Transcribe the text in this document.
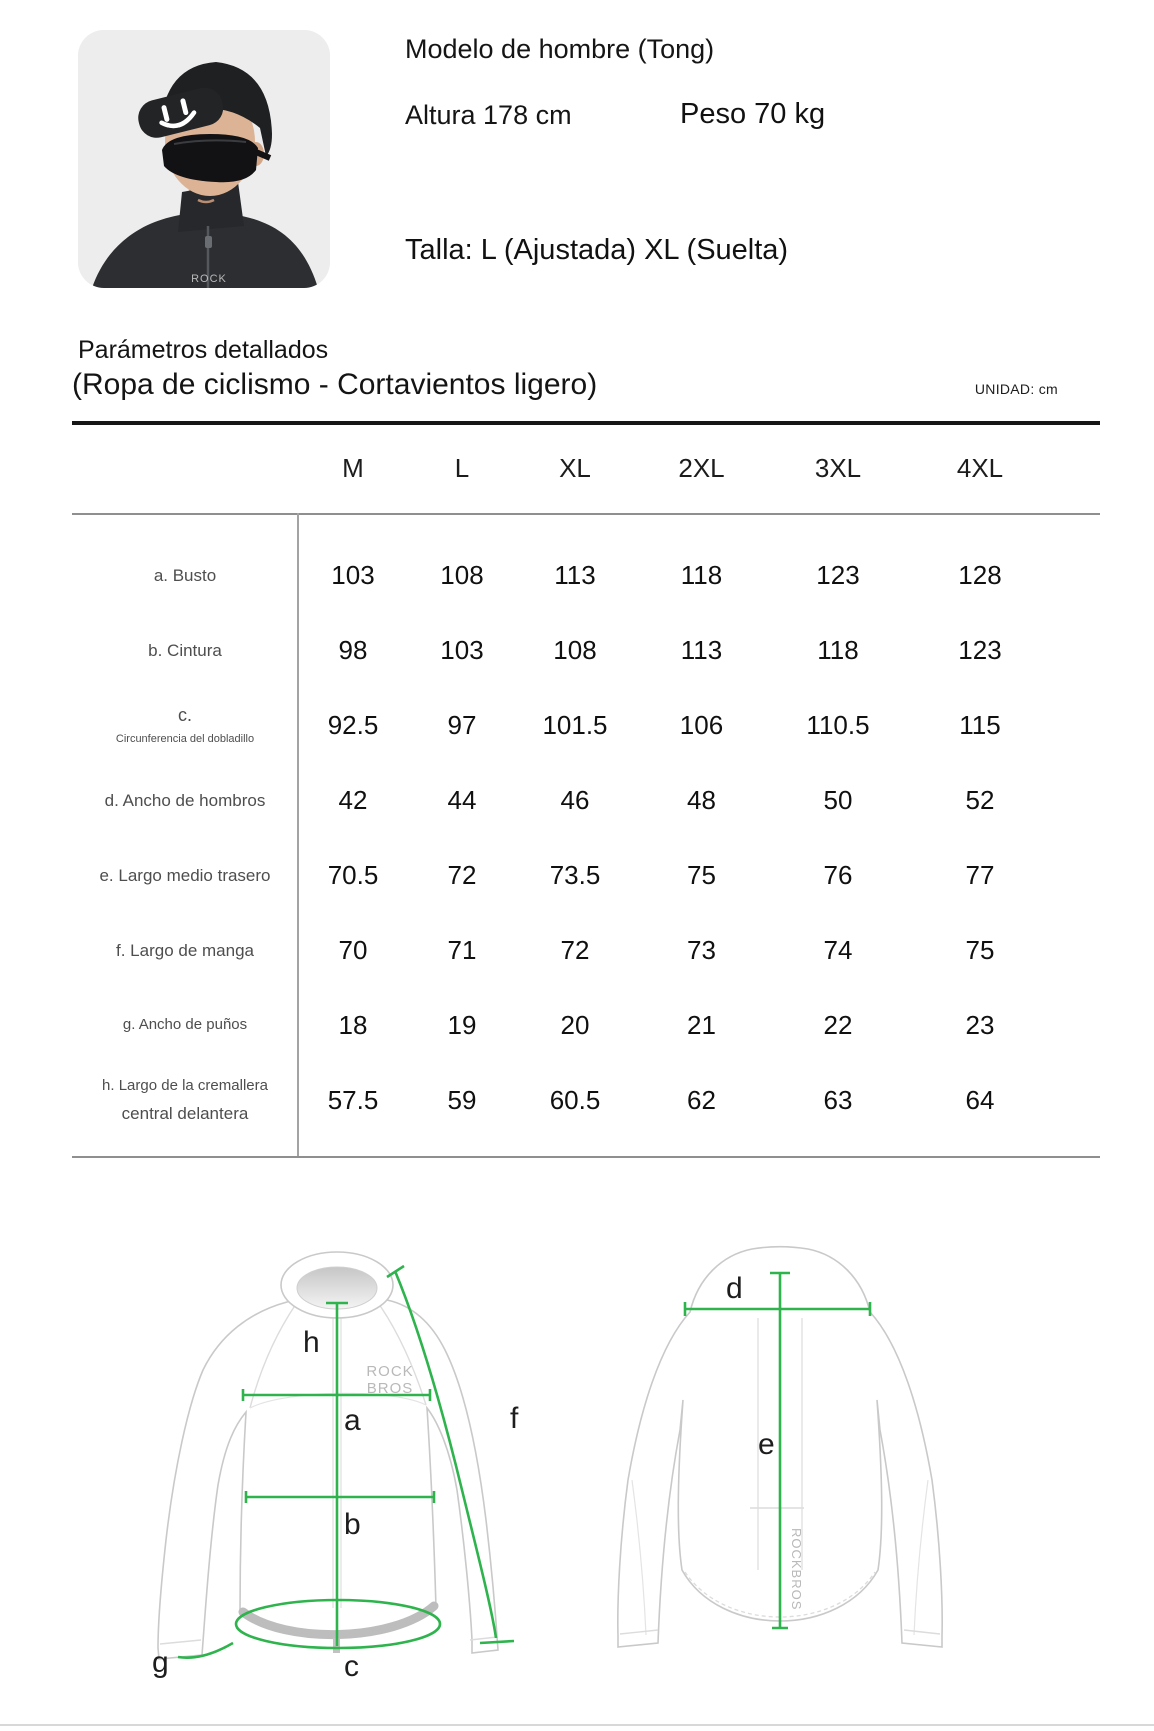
ROCK
Modelo de hombre (Tong)
Altura 178 cm	Peso 70 kg
Talla: L (Ajustada) XL (Suelta)
Parámetros detallados
(Ropa de ciclismo - Cortavientos ligero)	UNIDAD: cm
M	L	XL	2XL	3XL	4XL
a. Busto	103	108	113	118	123	128
b. Cintura	98	103	108	113	118	123
c.
Circunferencia del dobladillo	92.5	97	101.5	106	110.5	115
d. Ancho de hombros	42	44	46	48	50	52
e. Largo medio trasero	70.5	72	73.5	75	76	77
f. Largo de manga	70	71	72	73	74	75
g. Ancho de puños	18	19	20	21	22	23
h. Largo de la cremallera
central delantera	57.5	59	60.5	62	63	64
h
a
b
c
f
g
ROCK
BROS
d
e
ROCKBROS
